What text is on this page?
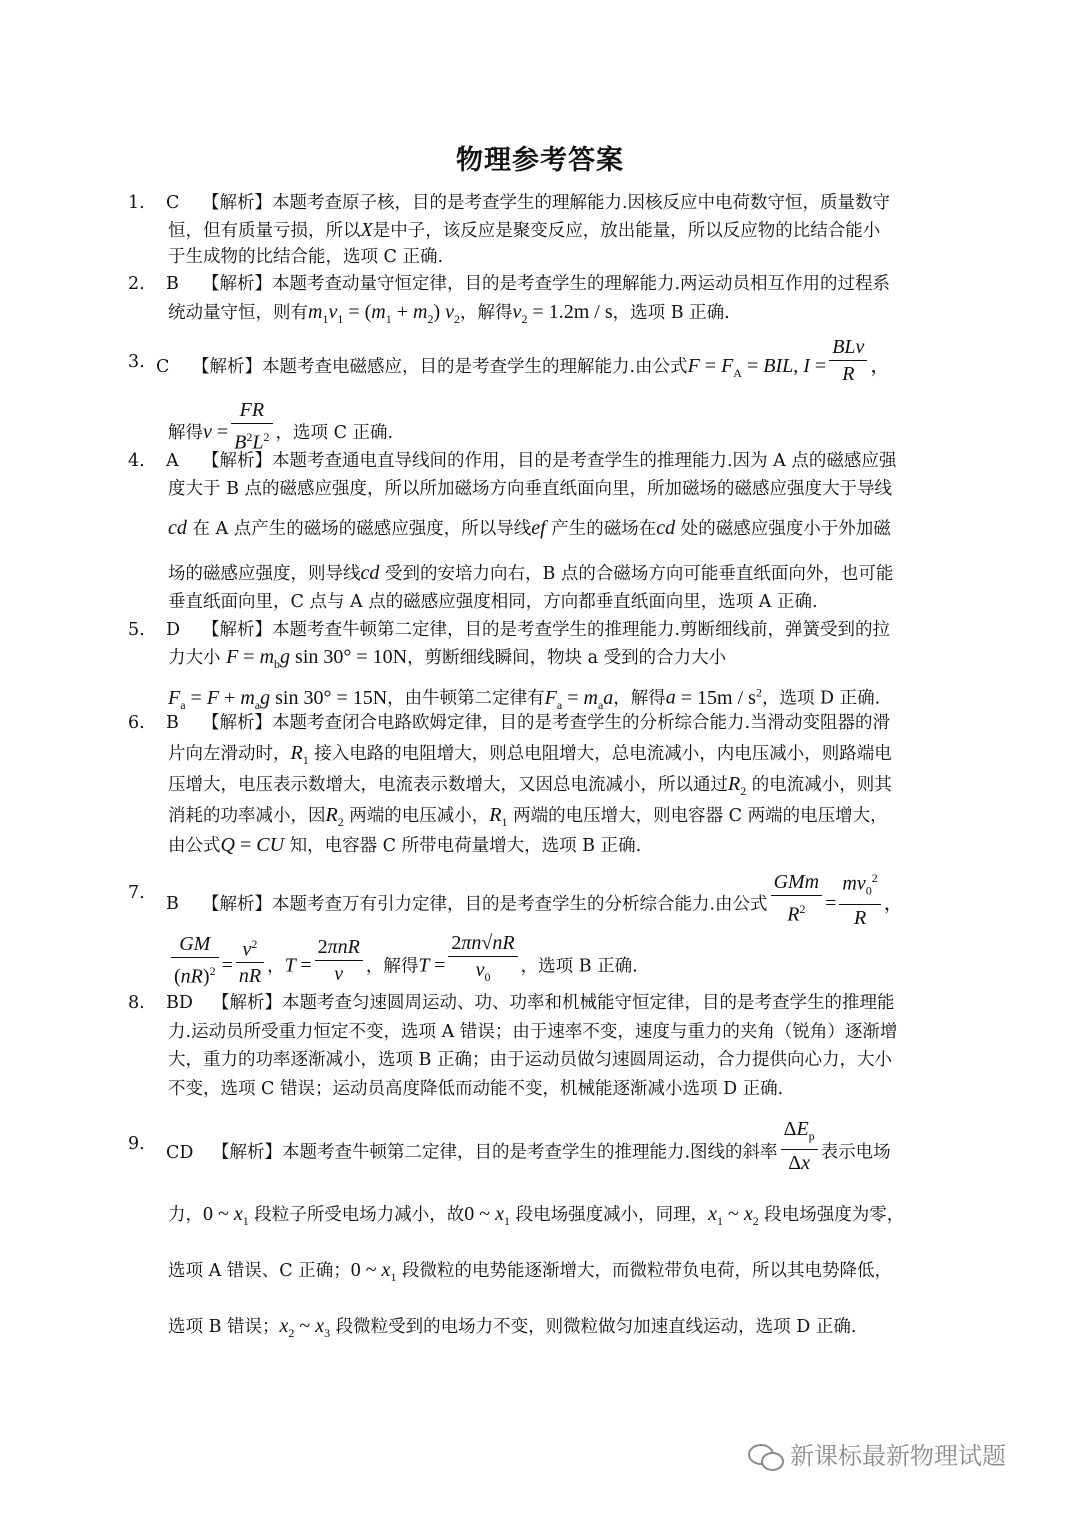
物理参考答案
1.	C 【解析】本题考查原子核，目的是考查学生的理解能力.因核反应中电荷数守恒，质量数守
恒，但有质量亏损，所以X是中子，该反应是聚变反应，放出能量，所以反应物的比结合能小
于生成物的比结合能，选项 C 正确.
2. B 【解析】本题考查动量守恒定律，目的是考查学生的理解能力.两运动员相互作用的过程系
统动量守恒，则有$m_1v_1 = (m_1 + m_2)$ $v_2$，解得$v_2 = 1.2m / s$，选项 B 正确.
3. C 【解析】本题考查电磁感应，目的是考查学生的理解能力.由公式$F = F_A$ = BIL, $I = \frac{\text{BLv}}{R}$ ，
解得$v = \frac{FR}{B^2L^2}$ ，选项 C 正确.
4. A 【解析】本题考查通电直导线间的作用，目的是考查学生的推理能力.因为 A 点的磁感应强
度大于 B 点的磁感应强度，所以所加磁场方向垂直纸面向里，所加磁场的磁感应强度大于导线
cd 在 A 点产生的磁场的磁感应强度，所以导线ef 产生的磁场在cd 处的磁感应强度小于外加磁
场的磁感应强度，则导线cd 受到的安培力向右，B 点的合磁场方向可能垂直纸面向外，也可能
垂直纸面向里，C 点与 A 点的磁感应强度相同，方向都垂直纸面向里，选项 A 正确.
5. D 【解析】本题考查牛顿第二定律，目的是考查学生的推理能力.剪断细线前，弹簧受到的拉
力大小 $F = m_bg$ sin 30° = 10N，剪断细线瞬间，物块 a 受到的合力大小
$F_a = F + m_ag$ sin 30° = 15N，由牛顿第二定律有$F_a = m_aa$，解得$a = 15m / s^2$，选项 D 正确.
6. B 【解析】本题考查闭合电路欧姆定律，目的是考查学生的分析综合能力.当滑动变阻器的滑
片向左滑动时，$R_1$ 接入电路的电阻增大，则总电阻增大，总电流减小，内电压减小，则路端电
压增大，电压表示数增大，电流表示数增大，又因总电流减小，所以通过$R_2$ 的电流减小，则其
消耗的功率减小，因$R_2$ 两端的电压减小，$R_1$ 两端的电压增大，则电容器 C 两端的电压增大，
由公式Q = CU 知，电容器 C 所带电荷量增大，选项 B 正确.
7.
B 【解析】本题考查万有引力定律，目的是考查学生的分析综合能力.由公式 $\frac{\text{GMm}}{R^2} = \frac{mv_0^2}{R}$ ，
$\frac{GM}{(nR)^2} = \frac{v^2}{nR}$ ，$T = \frac{\text{2πnR}}{v}$ ，解得$T = \frac{2\pi n√nR}{v_0}$ ，选项 B 正确.
8. BD 【解析】本题考查匀速圆周运动、功、功率和机械能守恒定律，目的是考查学生的推理能
力.运动员所受重力恒定不变，选项 A 错误；由于速率不变，速度与重力的夹角（锐角）逐渐增
大，重力的功率逐渐减小，选项 B 正确；由于运动员做匀速圆周运动，合力提供向心力，大小
不变，选项 C 错误；运动员高度降低而动能不变，机械能逐渐减小选项 D 正确.
9. CD 【解析】本题考查牛顿第二定律，目的是考查学生的推理能力.图线的斜率 $\frac{\Delta E_p}{\Delta x}$ 表示电场
力，0 ~ $x_1$ 段粒子所受电场力减小，故0 ~ $x_1$ 段电场强度减小，同理，$x_1$ ~ $x_2$ 段电场强度为零，
选项 A 错误、C 正确；0 ~ $x_1$ 段微粒的电势能逐渐增大，而微粒带负电荷，所以其电势降低，
选项 B 错误；$x_2$ ~ $x_3$ 段微粒受到的电场力不变，则微粒做匀加速直线运动，选项 D 正确.
新课标最新物理试题
